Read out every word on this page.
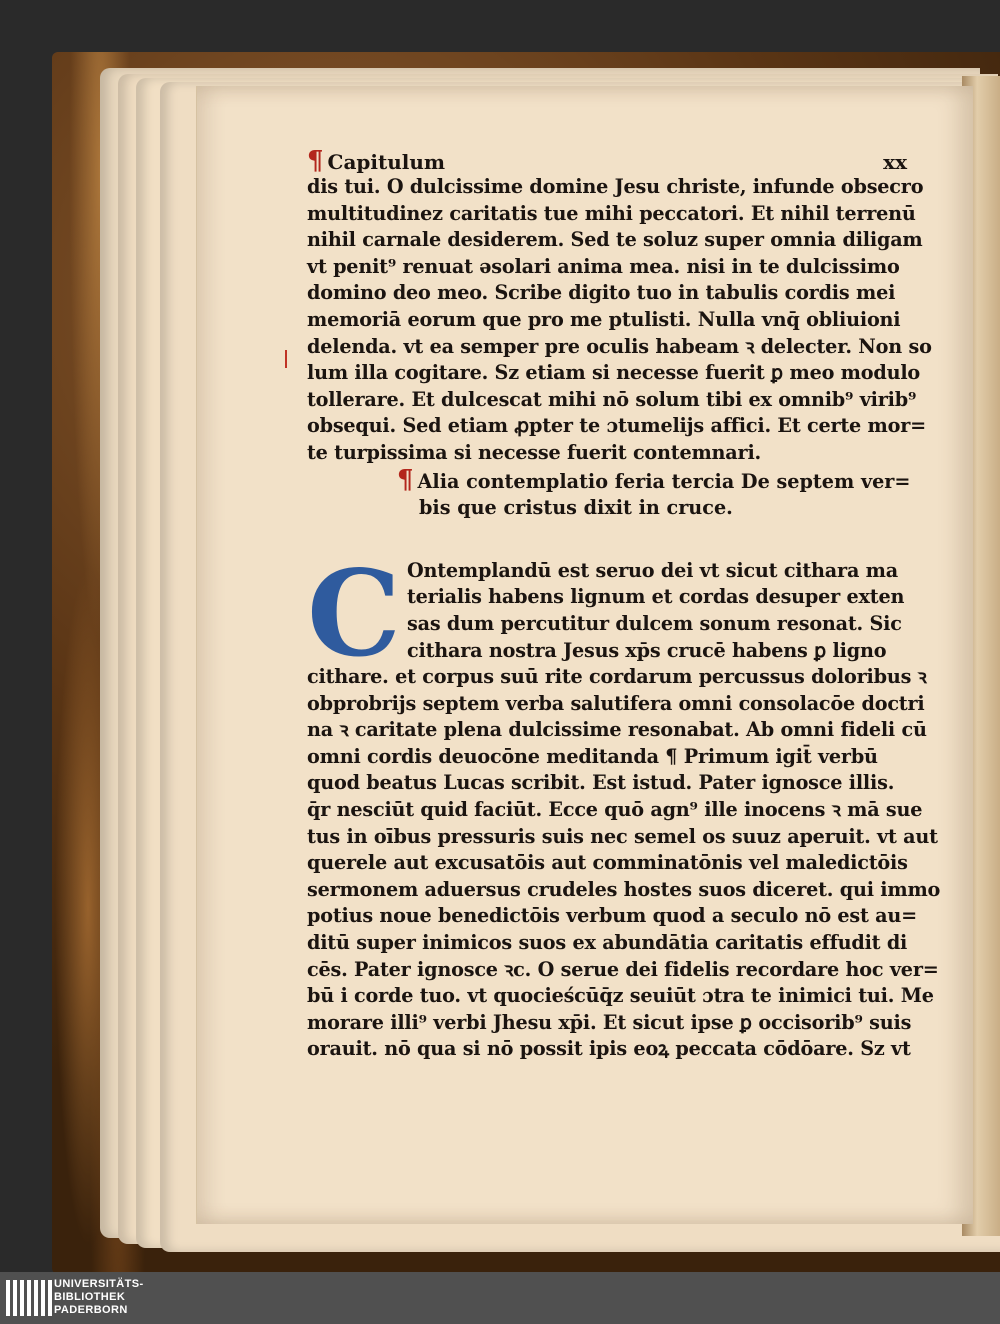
¶ Capitulum	xx
dis tui. O dulcissime domine Jesu christe, infunde obsecro
multitudinez caritatis tue mihi peccatori. Et nihil terrenū
nihil carnale desiderem. Sed te soluz super omnia diligam
vt penit⁹ renuat əsolari anima mea. nisi in te dulcissimo
domino deo meo. Scribe digito tuo in tabulis cordis mei
memoriā eorum que pro me ptulisti. Nulla vnq̄ obliuioni
delenda. vt ea semper pre oculis habeam ꝛ delecter. Non so
lum illa cogitare. Sz etiam si necesse fuerit ꝑ meo modulo
tollerare. Et dulcescat mihi nō solum tibi ex omnib⁹ virib⁹
obsequi. Sed etiam ꝓpter te ɔtumelijs affici. Et certe mor=
te turpissima si necesse fuerit contemnari.
¶ Alia contemplatio feria tercia De septem ver=
bis que cristus dixit in cruce.
C Ontemplandū est seruo dei vt sicut cithara ma
terialis habens lignum et cordas desuper exten
sas dum percutitur dulcem sonum resonat. Sic
cithara nostra Jesus xp̄s crucē habens ꝑ ligno
cithare. et corpus suū rite cordarum percussus doloribus ꝛ
obprobrijs septem verba salutifera omni consolacōe doctri
na ꝛ caritate plena dulcissime resonabat. Ab omni fideli cū
omni cordis deuocōne meditanda ¶ Primum igit̄ verbū
quod beatus Lucas scribit. Est istud. Pater ignosce illis.
q̄r nesciūt quid faciūt. Ecce quō agn⁹ ille inocens ꝛ mā sue
tus in oībus pressuris suis nec semel os suuz aperuit. vt aut
querele aut excusatōis aut comminatōnis vel maledictōis
sermonem aduersus crudeles hostes suos diceret. qui immo
potius noue benedictōis verbum quod a seculo nō est au=
ditū super inimicos suos ex abundātia caritatis effudit di
cēs. Pater ignosce ꝛc. O serue dei fidelis recordare hoc ver=
bū i corde tuo. vt quocieścūq̄z seuiūt ɔtra te inimici tui. Me
morare illi⁹ verbi Jhesu xp̄i. Et sicut ipse ꝑ occisorib⁹ suis
orauit. nō qua si nō possit ipis eoꝝ peccata cōdōare. Sz vt
UNIVERSITÄTS-
BIBLIOTHEK
PADERBORN
